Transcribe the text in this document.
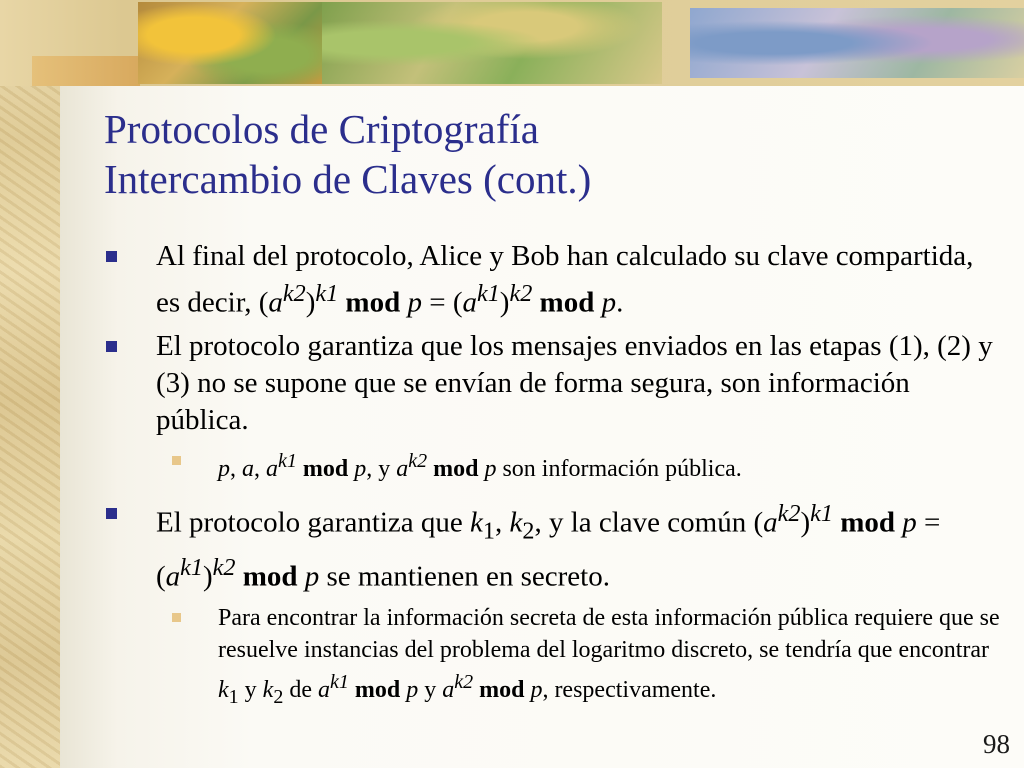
Protocolos de Criptografía
Intercambio de Claves (cont.)
Al final del protocolo, Alice y Bob han calculado su clave compartida, es decir, $(a^{k2})^{k1}$ mod $p = (a^{k1})^{k2}$ mod p.
El protocolo garantiza que los mensajes enviados en las etapas (1), (2) y (3) no se supone que se envían de forma segura, son información pública.
p, a, $a^{k1}$ mod p, y $a^{k2}$ mod p son información pública.
El protocolo garantiza que $k_1$, $k_2$, y la clave común $(a^{k2})^{k1}$ mod $p = (a^{k1})^{k2}$ mod p se mantienen en secreto.
Para encontrar la información secreta de esta información pública requiere que se resuelve instancias del problema del logaritmo discreto, se tendría que encontrar $k_1$ y $k_2$ de $a^{k1}$ mod p y $a^{k2}$ mod p, respectivamente.
98
